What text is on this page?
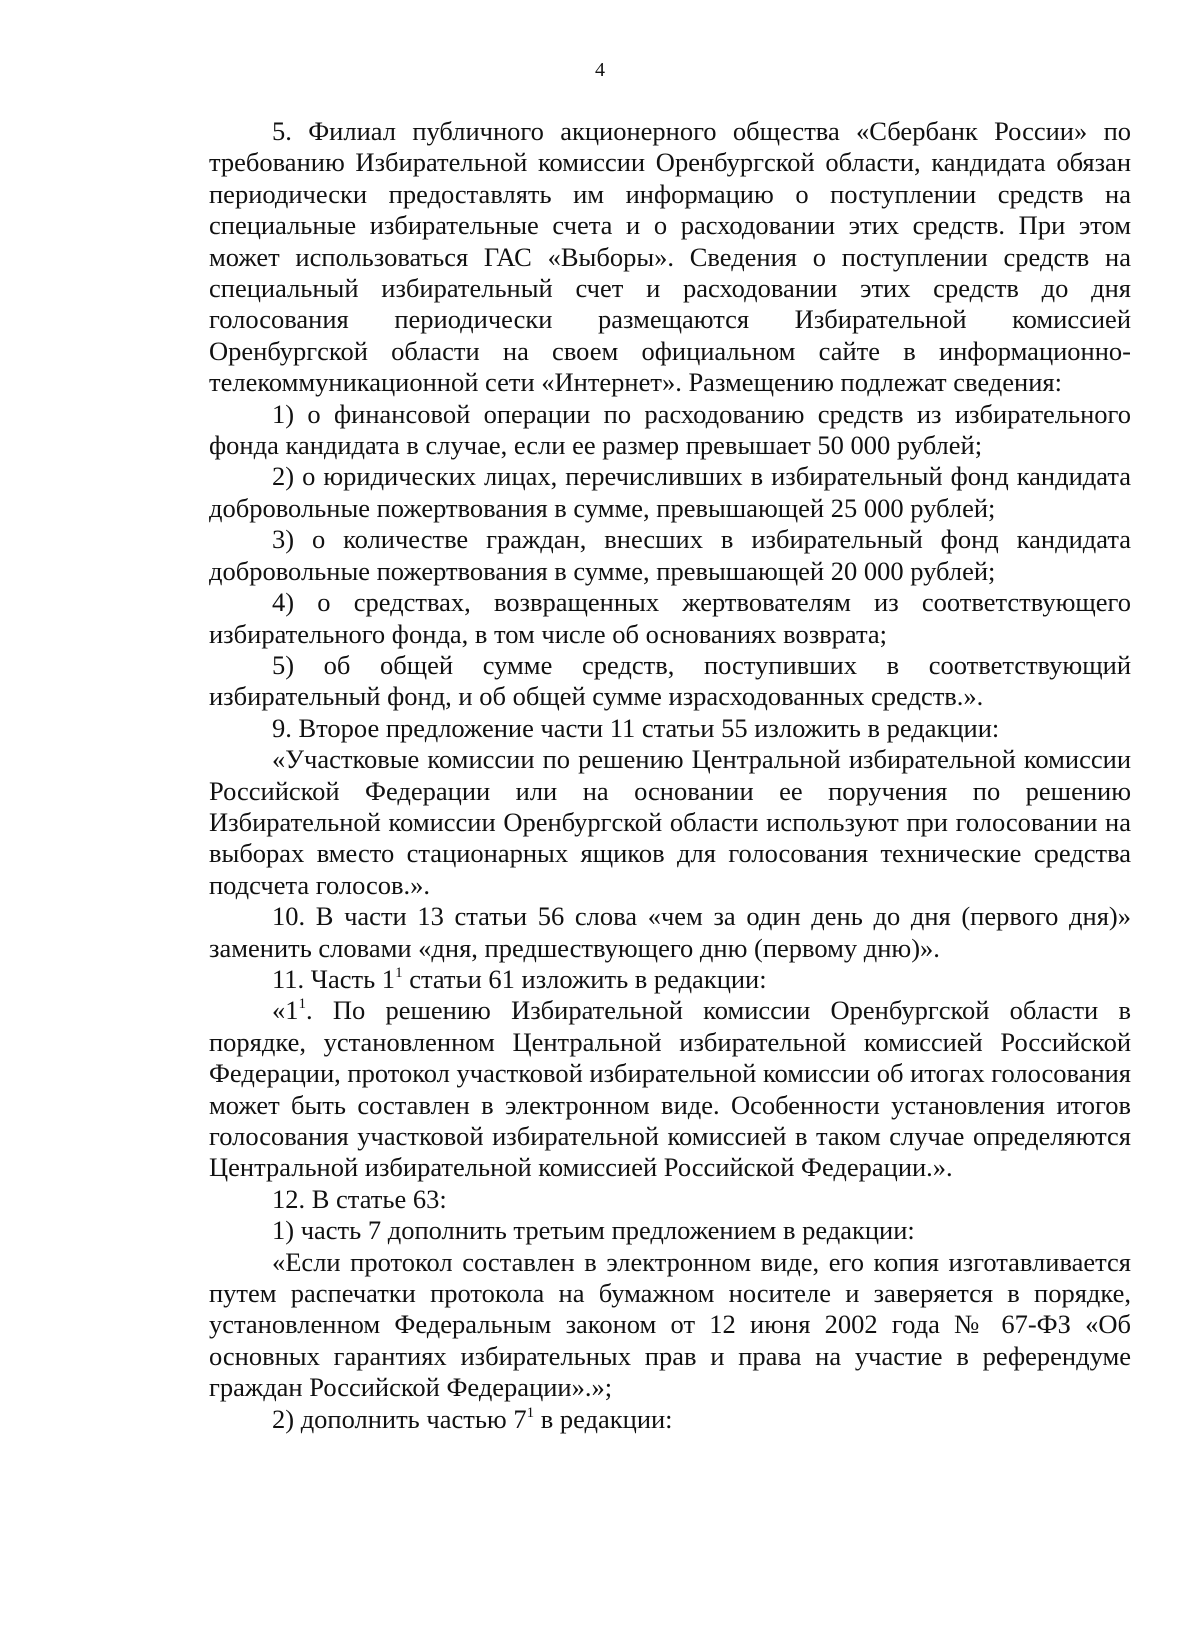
4

5. Филиал публичного акционерного общества «Сбербанк России» по требованию Избирательной комиссии Оренбургской области, кандидата обязан периодически предоставлять им информацию о поступлении средств на специальные избирательные счета и о расходовании этих средств. При этом может использоваться ГАС «Выборы». Сведения о поступлении средств на специальный избирательный счет и расходовании этих средств до дня голосования периодически размещаются Избирательной комиссией Оренбургской области на своем официальном сайте в информационно-телекоммуникационной сети «Интернет». Размещению подлежат сведения:

1) о финансовой операции по расходованию средств из избирательного фонда кандидата в случае, если ее размер превышает 50 000 рублей;

2) о юридических лицах, перечисливших в избирательный фонд кандидата добровольные пожертвования в сумме, превышающей 25 000 рублей;

3) о количестве граждан, внесших в избирательный фонд кандидата добровольные пожертвования в сумме, превышающей 20 000 рублей;

4) о средствах, возвращенных жертвователям из соответствующего избирательного фонда, в том числе об основаниях возврата;

5) об общей сумме средств, поступивших в соответствующий избирательный фонд, и об общей сумме израсходованных средств.».

9. Второе предложение части 11 статьи 55 изложить в редакции:

«Участковые комиссии по решению Центральной избирательной комиссии Российской Федерации или на основании ее поручения по решению Избирательной комиссии Оренбургской области используют при голосовании на выборах вместо стационарных ящиков для голосования технические средства подсчета голосов.».

10. В части 13 статьи 56 слова «чем за один день до дня (первого дня)» заменить словами «дня, предшествующего дню (первому дню)».

11. Часть $1^1$ статьи 61 изложить в редакции:

«$1^1$. По решению Избирательной комиссии Оренбургской области в порядке, установленном Центральной избирательной комиссией Российской Федерации, протокол участковой избирательной комиссии об итогах голосования может быть составлен в электронном виде. Особенности установления итогов голосования участковой избирательной комиссией в таком случае определяются Центральной избирательной комиссией Российской Федерации.».

12. В статье 63:

1) часть 7 дополнить третьим предложением в редакции:

«Если протокол составлен в электронном виде, его копия изготавливается путем распечатки протокола на бумажном носителе и заверяется в порядке, установленном Федеральным законом от 12 июня 2002 года № 67-ФЗ «Об основных гарантиях избирательных прав и права на участие в референдуме граждан Российской Федерации».»;

2) дополнить частью $7^1$ в редакции:
